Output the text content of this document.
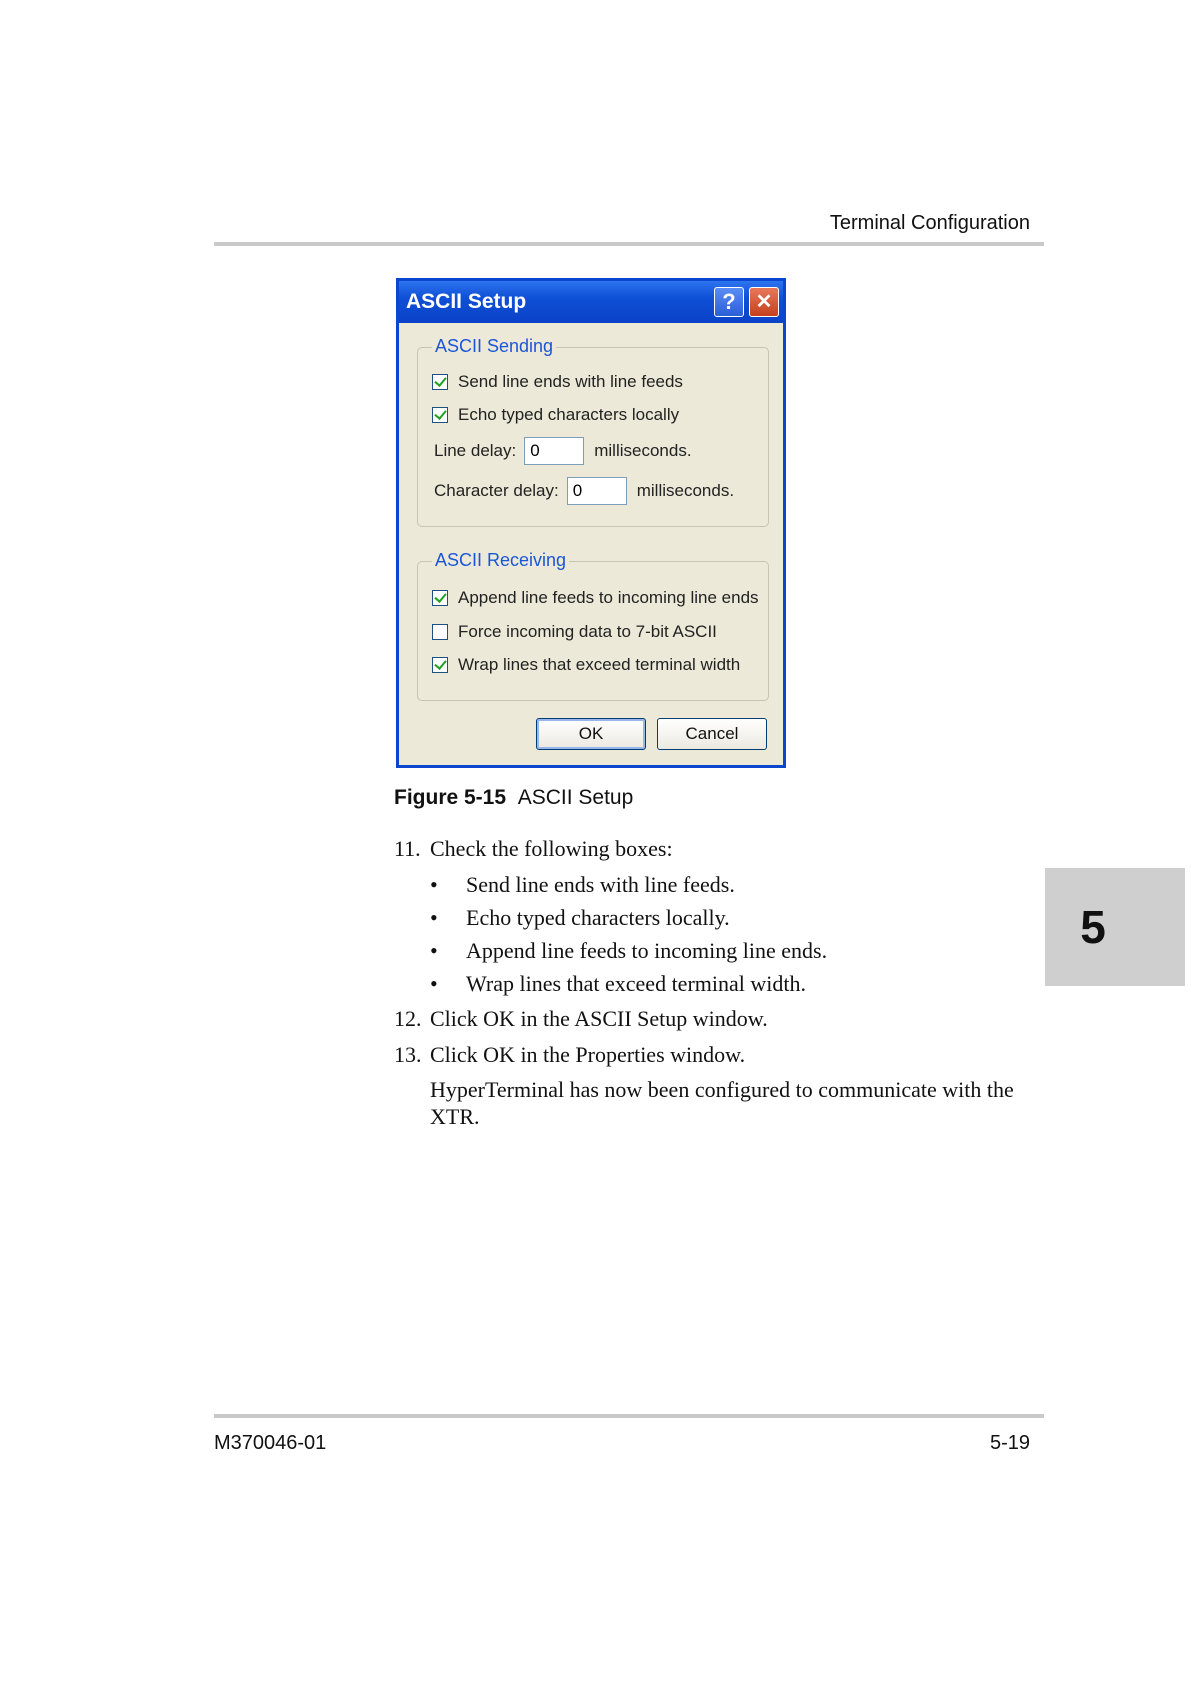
Terminal Configuration
ASCII Setup	? ✕
ASCII Sending
Send line ends with line feeds
Echo typed characters locally
Line delay:
0	milliseconds.
Character delay:
0	milliseconds.
ASCII Receiving
Append line feeds to incoming line ends
Force incoming data to 7-bit ASCII
Wrap lines that exceed terminal width
OK	Cancel
Figure 5-15 ASCII Setup
11. Check the following boxes:
• Send line ends with line feeds.
• Echo typed characters locally.
• Append line feeds to incoming line ends.
• Wrap lines that exceed terminal width.
12. Click OK in the ASCII Setup window.
13. Click OK in the Properties window.
HyperTerminal has now been configured to communicate with the
XTR.
5
M370046-01	5-19
